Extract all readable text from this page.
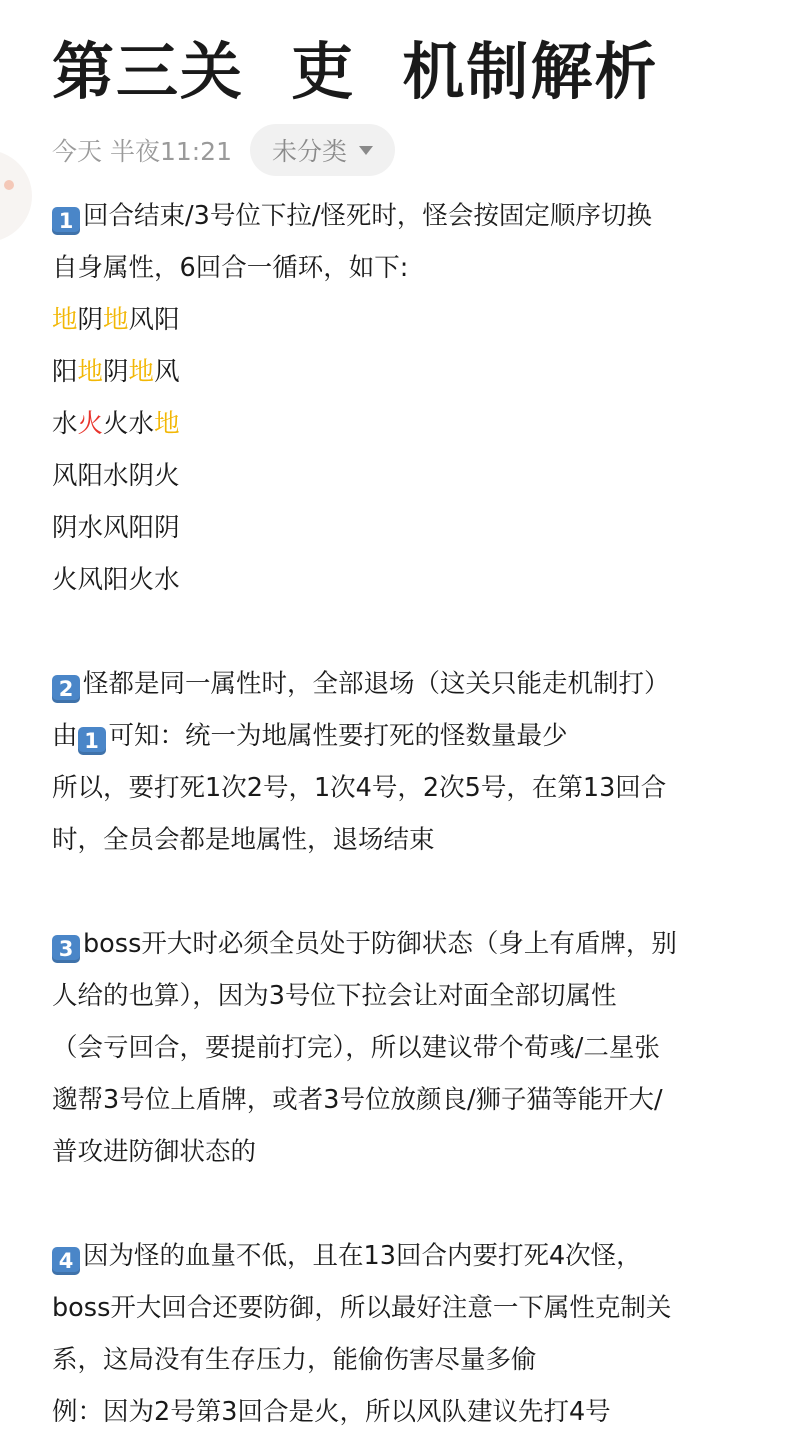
第三关  吏  机制解析
今天 半夜11:21 未分类
1 回合结束/3号位下拉/怪死时，怪会按固定顺序切换
自身属性，6回合一循环，如下:
地阴地风阳
阳地阴地风
水火火水地
风阳水阴火
阴水风阳阴
火风阳火水
2 怪都是同一属性时，全部退场（这关只能走机制打）
由 1 可知：统一为地属性要打死的怪数量最少
所以，要打死1次2号，1次4号，2次5号，在第13回合
时，全员会都是地属性，退场结束
3 boss开大时必须全员处于防御状态（身上有盾牌，别
人给的也算），因为3号位下拉会让对面全部切属性
（会亏回合，要提前打完），所以建议带个荀彧/二星张
邈帮3号位上盾牌，或者3号位放颜良/狮子猫等能开大/
普攻进防御状态的
4 因为怪的血量不低，且在13回合内要打死4次怪，
boss开大回合还要防御，所以最好注意一下属性克制关
系，这局没有生存压力，能偷伤害尽量多偷
例：因为2号第3回合是火，所以风队建议先打4号
